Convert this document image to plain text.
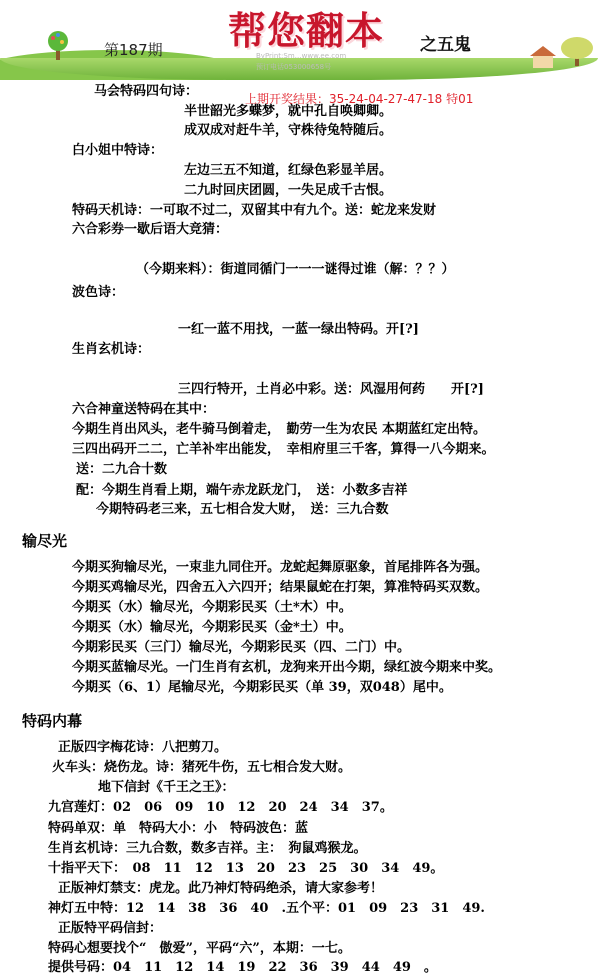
第187期 帮您翻本 之五鬼
ByPrint:Sm…www.ee.com
预订电话053000658号
上期开奖结果：35-24-04-27-47-18 特01
马会特码四句诗：
半世韶光多蝶梦，就中孔自唤卿卿。
成双成对赶牛羊，守株待兔特随后。
白小姐中特诗：
左边三五不知道，红绿色彩显羊居。
二九时回庆团圆，一失足成千古恨。
特码天机诗：一可取不过二，双留其中有九个。送：蛇龙来发财
六合彩券一歇后语大竞猜：
（今期来料）：街道同循门一一一谜得过谁（解：？？）
波色诗：
一红一蓝不用找，一蓝一绿出特码。开[?]
生肖玄机诗：
三四行特开，土肖必中彩。送：风湿用何药　　开[?]
六合神童送特码在其中：
今期生肖出风头，老牛骑马倒着走，　勤劳一生为农民 本期蓝红定出特。
三四出码开二二，亡羊补牢出能发，　幸相府里三千客，算得一八今期来。
送：二九合十数
配：今期生肖看上期，端午赤龙跃龙门，　送：小数多吉祥
今期特码老三来，五七相合发大财，　送：三九合数
输尽光
今期买狗输尽光，一束韭九同住开。龙蛇起舞原驱象，首尾排阵各为强。
今期买鸡输尽光，四舍五入六四开；结果鼠蛇在打架，算准特码买双数。
今期买（水）输尽光，今期彩民买（土*木）中。
今期买（水）输尽光，今期彩民买（金*土）中。
今期彩民买（三门）输尽光，今期彩民买（四、二门）中。
今期买蓝输尽光。一门生肖有玄机，龙狗来开出今期，绿红波今期来中奖。
今期买（6、1）尾输尽光，今期彩民买（单 39，双048）尾中。
特码内幕
正版四字梅花诗：八把剪刀。
火车头：烧伤龙。诗：猪死牛伤，五七相合发大财。
地下信封《千王之王》：
九宫莲灯：02　06　09　10　12　20　24　34　37。
特码单双：单　特码大小：小　特码波色：蓝
生肖玄机诗：三九合数，数多吉祥。主：　狗鼠鸡猴龙。
十指平天下：　08　11　12　13　20　23　25　30　34　49。
正版神灯禁支：虎龙。此乃神灯特码绝杀，请大家参考！
神灯五中特：12　14　38　36　40　.五个平：01　09　23　31　49.
正版特平码信封：
特码心想要找个“　傲爱”，平码“六”，本期：一七。
提供号码：04　11　12　14　19　22　36　39　44　49　。
